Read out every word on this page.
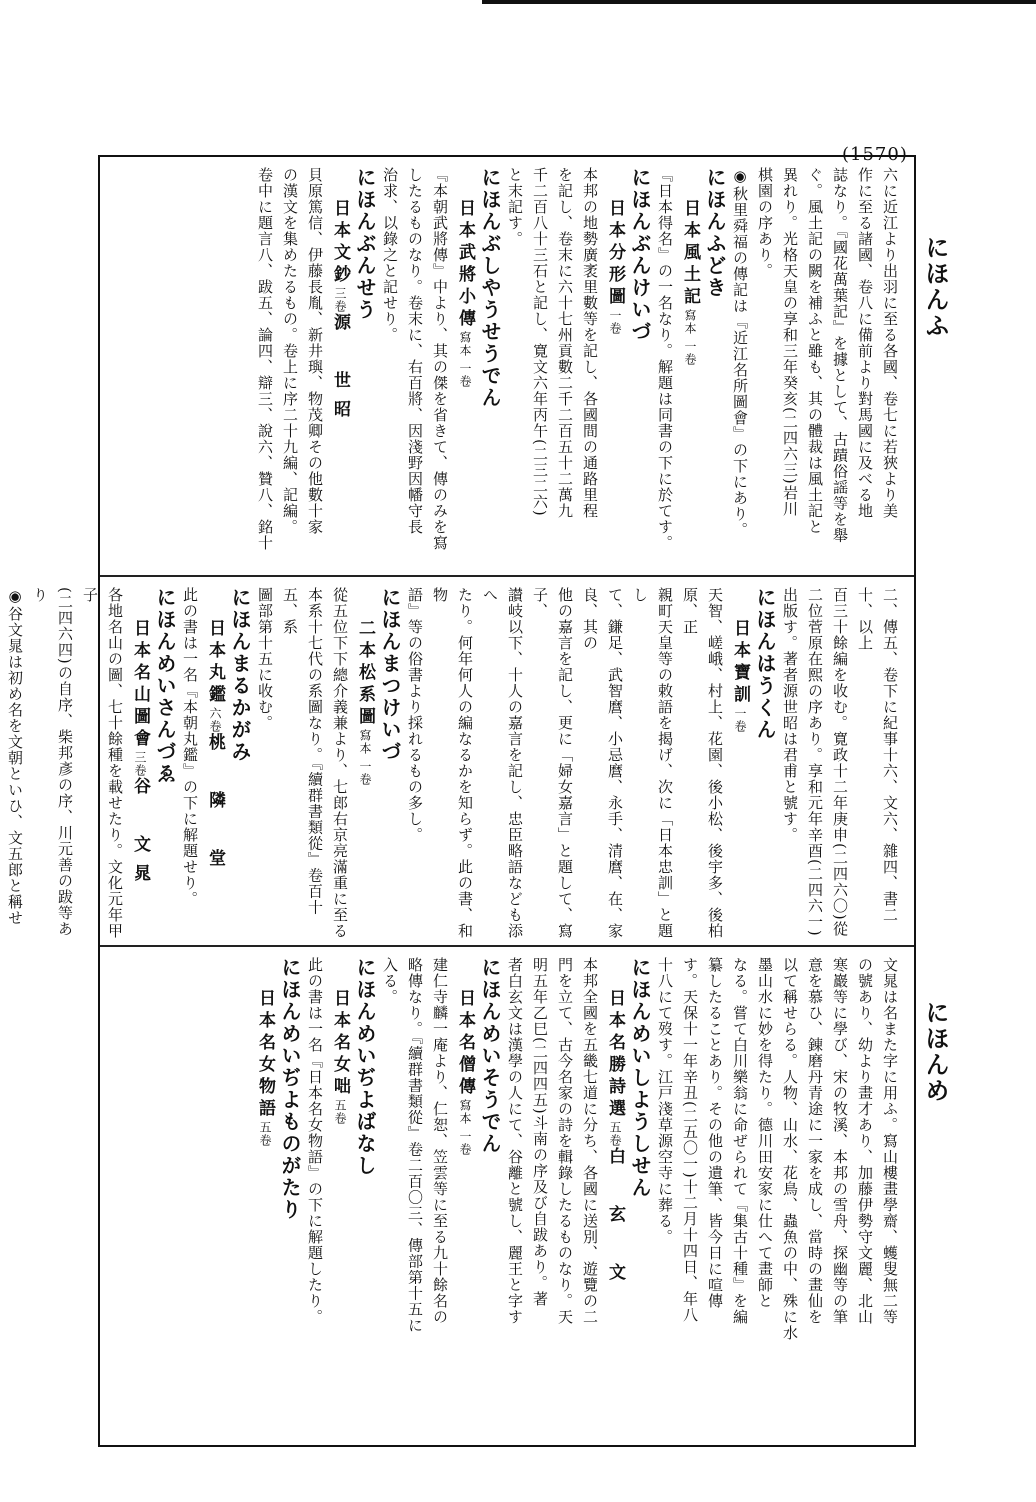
(1570)

六に近江より出羽に至る各國、卷七に若狹より美

作に至る諸國、卷八に備前より對馬國に及べる地

誌なり。『國花萬葉記』を據として、古蹟俗謡等を舉

ぐ。風土記の闕を補ふと雖も、其の體裁は風土記と

異れり。光格天皇の享和三年癸亥(二四六三)岩川

棋園の序あり。

◉秋里舜福の傳記は『近江名所圖會』の下にあり。

にほんふどき

日本風土記寫本 一卷

『日本得名』の一名なり。解題は同書の下に於てす。

にほんぶんけいづ

日本分形圖一卷

本邦の地勢廣袤里數等を記し、各國間の通路里程

を記し、卷末に六十七州貢數二千二百五十二萬九

千二百八十三石と記し、寛文六年丙午(二三二六)

と末記す。

にほんぶしやうせうでん

日本武將小傳寫本 一卷

『本朝武將傳』中より、其の傑を省きて、傳のみを寫

したるものなり。卷末に、右百將、因淺野因幡守長

治求、以錄之と記せり。

にほんぶんせう

日本文鈔三卷源　世昭

貝原篤信、伊藤長胤、新井璵、物茂卿その他數十家

の漢文を集めたるもの。卷上に序二十九編、記編。

卷中に題言八、跋五、論四、辯三、說六、贊八、銘十

二、傳五、卷下に紀事十六、文六、雜四、書二十、以上

百三十餘編を收む。寛政十二年庚申(二四六〇)從

二位菅原在熙の序あり。享和元年辛酉(二四六一)

出版す。著者源世昭は君甫と號す。

にほんはうくん

日本寶訓一卷

天智、嵯峨、村上、花園、後小松、後宇多、後柏原、正

親町天皇等の敕語を揭げ、次に「日本忠訓」と題し

て、鎌足、武智麿、小忌麿、永手、清麿、在、家良、其の

他の嘉言を記し、更に「婦女嘉言」と題して、寫子、

讃岐以下、十人の嘉言を記し、忠臣略語なども添へ

たり。何年何人の編なるかを知らず。此の書、和物

語』等の俗書より採れるもの多し。

にほんまつけいづ

二本松系圖寫本 一卷

從五位下下總介義兼より、七郎右京亮滿重に至る

本系十七代の系圖なり。『續群書類從』卷百十五、系

圖部第十五に收む。

にほんまるかがみ

日本丸鑑六卷桃　隣　堂

此の書は一名『本朝丸鑑』の下に解題せり。

にほんめいさんづゑ

日本名山圖會三卷谷　文晁

各地名山の圖、七十餘種を載せたり。文化元年甲子

(二四六四)の自序、柴邦彥の序、川元善の跋等あり

◉谷文晁は初め名を文朝といひ、文五郎と稱せ

文晁は名また字に用ふ。寫山樓畫學齋、蠖叟無二等

の號あり、幼より畫才あり、加藤伊勢守文麗、北山

寒巖等に學び、宋の牧溪、本邦の雪舟、探幽等の筆

意を慕ひ、錬磨丹青途に一家を成し、當時の畫仙を

以て稱せらる。人物、山水、花鳥、蟲魚の中、殊に水

墨山水に妙を得たり。德川田安家に仕へて畫師と

なる。嘗て白川樂翁に命ぜられて『集古十種』を編

纂したることあり。その他の遺筆、皆今日に喧傳

す。天保十一年辛丑(二五〇一)十二月十四日、年八

十八にて歿す。江戸淺草源空寺に葬る。

にほんめいしようしせん

日本名勝詩選五卷白　玄　文

本邦全國を五畿七道に分ち、各國に送別、遊覽の二

門を立て、古今名家の詩を輯錄したるものなり。天

明五年乙巳(二四四五)斗南の序及び自跋あり。著

者白玄文は漢學の人にて、谷離と號し、麗王と字す

にほんめいそうでん

日本名僧傳寫本 一卷

建仁寺麟一庵より、仁恕、笠雲等に至る九十餘名の

略傳なり。『續群書類從』卷二百〇三、傳部第十五に

入る。

にほんめいぢよばなし

日本名女咄五卷

此の書は一名『日本名女物語』の下に解題したり。

にほんめいぢよものがたり

日本名女物語五卷

にほんふ
にほんめ
